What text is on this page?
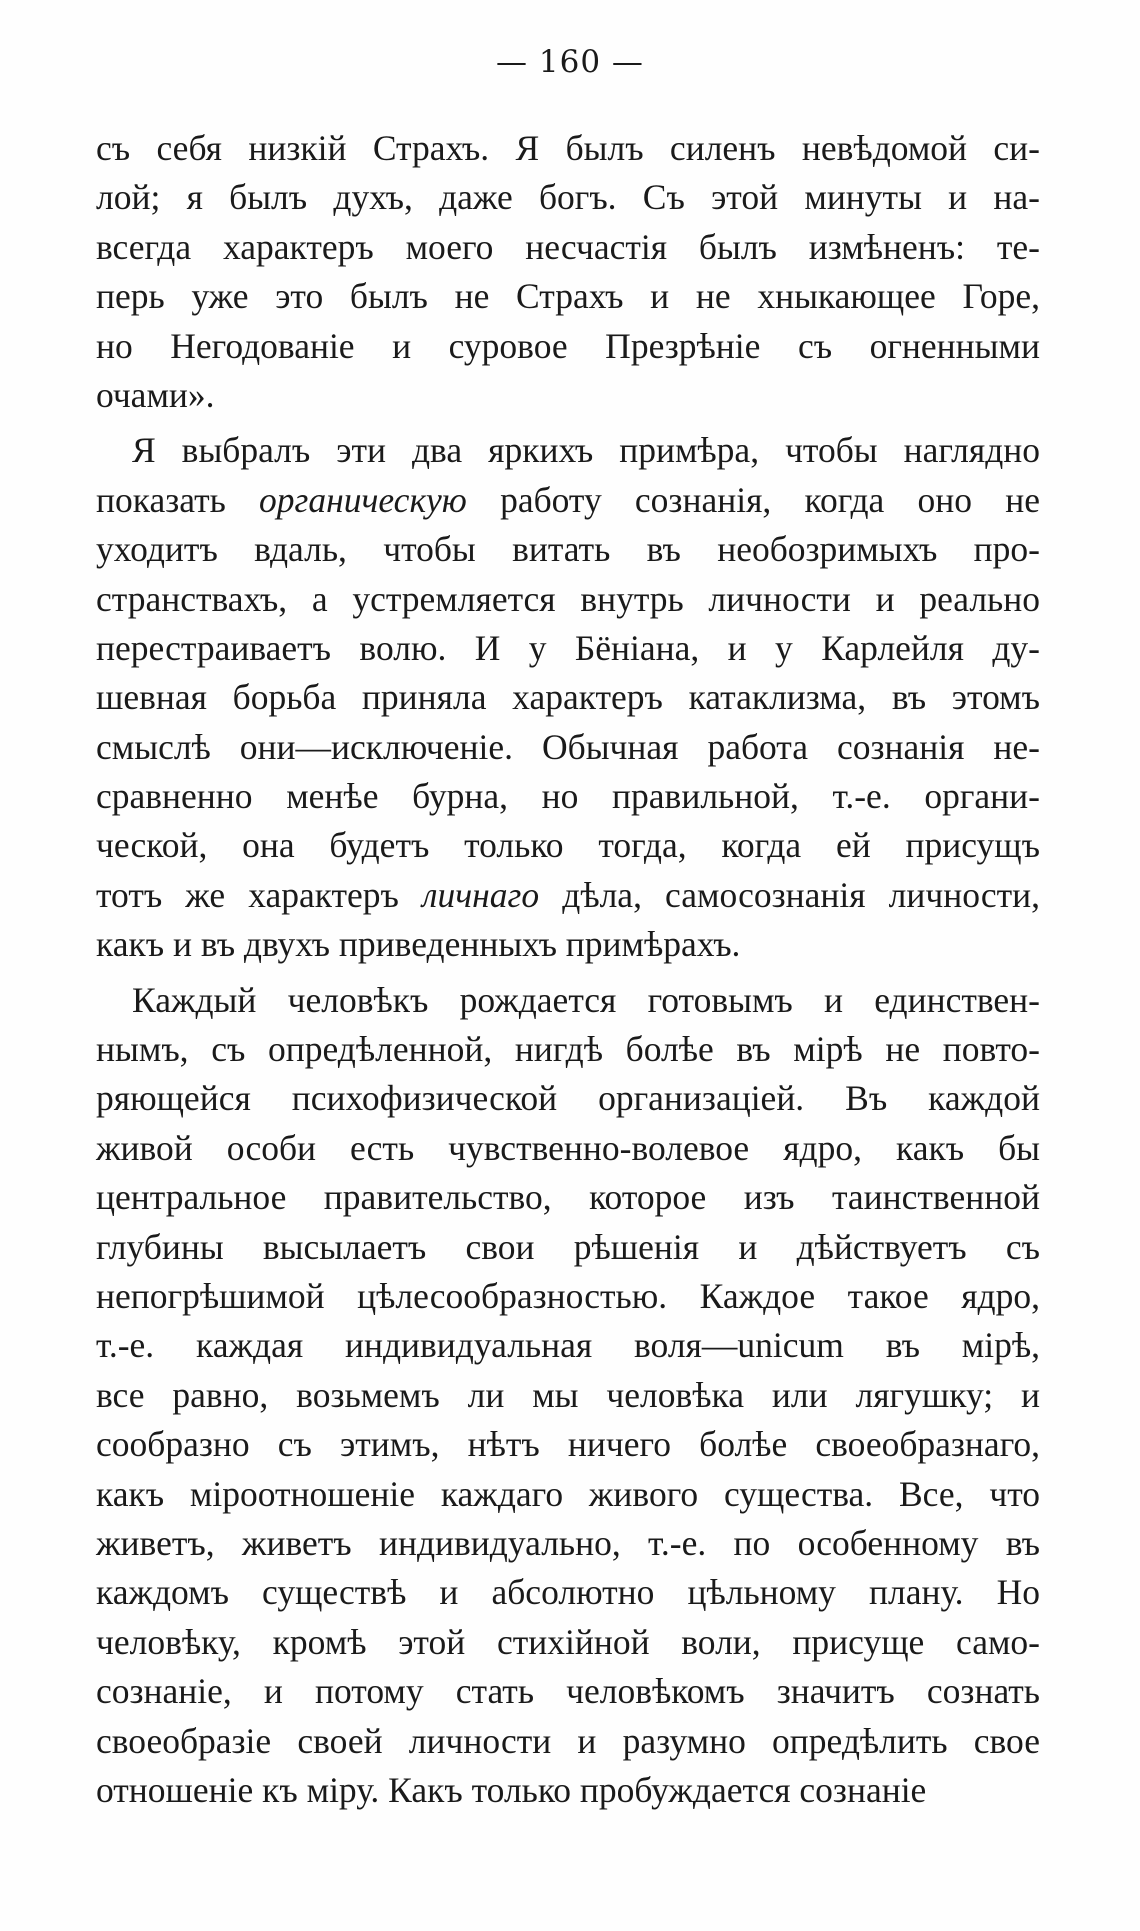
— 160 —
съ себя низкій Страхъ. Я былъ силенъ невѣдомой си-
лой; я былъ духъ, даже богъ. Съ этой минуты и на-
всегда характеръ моего несчастія былъ измѣненъ: те-
перь уже это былъ не Страхъ и не хныкающее Горе,
но Негодованіе и суровое Презрѣніе съ огненными
очами».
Я выбралъ эти два яркихъ примѣра, чтобы наглядно
показать органическую работу сознанія, когда оно не
уходитъ вдаль, чтобы витать въ необозримыхъ про-
странствахъ, а устремляется внутрь личности и реально
перестраиваетъ волю. И у Бёніана, и у Карлейля ду-
шевная борьба приняла характеръ катаклизма, въ этомъ
смыслѣ они—исключеніе. Обычная работа сознанія не-
сравненно менѣе бурна, но правильной, т.-е. органи-
ческой, она будетъ только тогда, когда ей присущъ
тотъ же характеръ личнаго дѣла, самосознанія личности,
какъ и въ двухъ приведенныхъ примѣрахъ.
Каждый человѣкъ рождается готовымъ и единствен-
нымъ, съ опредѣленной, нигдѣ болѣе въ мірѣ не повто-
ряющейся психофизической организаціей. Въ каждой
живой особи есть чувственно-волевое ядро, какъ бы
центральное правительство, которое изъ таинственной
глубины высылаетъ свои рѣшенія и дѣйствуетъ съ
непогрѣшимой цѣлесообразностью. Каждое такое ядро,
т.-е. каждая индивидуальная воля—unicum въ мірѣ,
все равно, возьмемъ ли мы человѣка или лягушку; и
сообразно съ этимъ, нѣтъ ничего болѣе своеобразнаго,
какъ міроотношеніе каждаго живого существа. Все, что
живетъ, живетъ индивидуально, т.-е. по особенному въ
каждомъ существѣ и абсолютно цѣльному плану. Но
человѣку, кромѣ этой стихійной воли, присуще само-
сознаніе, и потому стать человѣкомъ значитъ сознать
своеобразіе своей личности и разумно опредѣлить свое
отношеніе къ міру. Какъ только пробуждается сознаніе
